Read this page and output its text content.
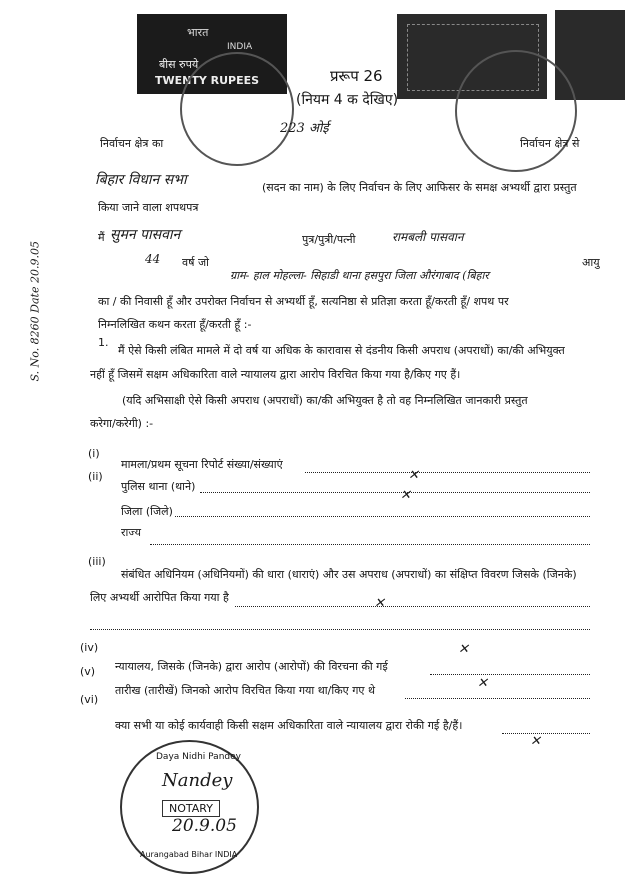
भारत
INDIA
बीस रुपये
TWENTY RUPEES	प्ररूप 26
(नियम 4 क देखिए)
223 ओई
निर्वाचन क्षेत्र का	निर्वाचन क्षेत्र से
S. No. 8260 Date 20.9.05
बिहार विधान सभा	(सदन का नाम) के लिए निर्वाचन के लिए आफिसर के समक्ष अभ्यर्थी द्वारा प्रस्तुत
किया जाने वाला शपथपत्र
मैं सुमन पासवान	पुत्र/पुत्री/पत्नी	रामबली पासवान
आयु
44 वर्ष जो
ग्राम- हाल मोहल्ला- सिहाडी थाना हसपुरा जिला औरंगाबाद (बिहार
का / की निवासी हूँ और उपरोक्त निर्वाचन से अभ्यर्थी हूँ, सत्यनिष्ठा से प्रतिज्ञा करता हूँ/करती हूँ/ शपथ पर
निम्नलिखित कथन करता हूँ/करती हूँ :-
1.
मैं ऐसे किसी लंबित मामले में दो वर्ष या अधिक के कारावास से दंडनीय किसी अपराध (अपराधों) का/की अभियुक्त
नहीं हूँ जिसमें सक्षम अधिकारिता वाले न्यायालय द्वारा आरोप विरचित किया गया है/किए गए हैं।
(यदि अभिसाक्षी ऐसे किसी अपराध (अपराधों) का/की अभियुक्त है तो वह निम्नलिखित जानकारी प्रस्तुत
करेगा/करेगी) :-
(i)
मामला/प्रथम सूचना रिपोर्ट संख्या/संख्याएं
(ii)
पुलिस थाना (थाने)
जिला (जिले)
राज्य
(iii)
संबंधित अधिनियम (अधिनियमों) की धारा (धाराएं) और उस अपराध (अपराधों) का संक्षिप्त विवरण जिसके (जिनके)
लिए अभ्यर्थी आरोपित किया गया है
(iv)
न्यायालय, जिसके (जिनके) द्वारा आरोप (आरोपों) की विरचना की गई
(v)
तारीख (तारीखें) जिनको आरोप विरचित किया गया था/किए गए थे
(vi)
क्या सभी या कोई कार्यवाही किसी सक्षम अधिकारिता वाले न्यायालय द्वारा रोकी गई है/हैं।
✕
✕
✕
✕
✕
✕
Daya Nidhi Pandey
Nandey
NOTARY
20.9.05
Aurangabad Bihar INDIA
